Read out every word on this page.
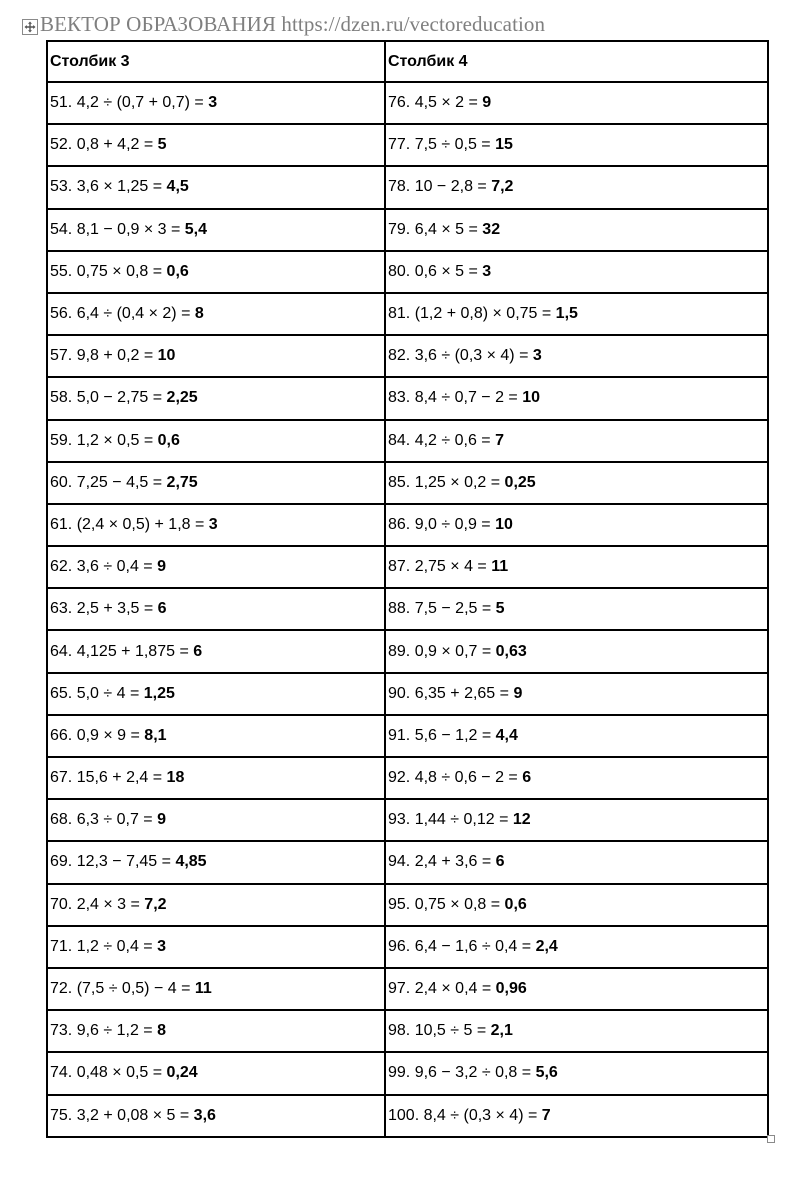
ВЕКТОР ОБРАЗОВАНИЯ https://dzen.ru/vectoreducation
Столбик 3	Столбик 4
51. 4,2 ÷ (0,7 + 0,7) = 3	76. 4,5 × 2 = 9
52. 0,8 + 4,2 = 5	77. 7,5 ÷ 0,5 = 15
53. 3,6 × 1,25 = 4,5	78. 10 − 2,8 = 7,2
54. 8,1 − 0,9 × 3 = 5,4	79. 6,4 × 5 = 32
55. 0,75 × 0,8 = 0,6	80. 0,6 × 5 = 3
56. 6,4 ÷ (0,4 × 2) = 8	81. (1,2 + 0,8) × 0,75 = 1,5
57. 9,8 + 0,2 = 10	82. 3,6 ÷ (0,3 × 4) = 3
58. 5,0 − 2,75 = 2,25	83. 8,4 ÷ 0,7 − 2 = 10
59. 1,2 × 0,5 = 0,6	84. 4,2 ÷ 0,6 = 7
60. 7,25 − 4,5 = 2,75	85. 1,25 × 0,2 = 0,25
61. (2,4 × 0,5) + 1,8 = 3	86. 9,0 ÷ 0,9 = 10
62. 3,6 ÷ 0,4 = 9	87. 2,75 × 4 = 11
63. 2,5 + 3,5 = 6	88. 7,5 − 2,5 = 5
64. 4,125 + 1,875 = 6	89. 0,9 × 0,7 = 0,63
65. 5,0 ÷ 4 = 1,25	90. 6,35 + 2,65 = 9
66. 0,9 × 9 = 8,1	91. 5,6 − 1,2 = 4,4
67. 15,6 + 2,4 = 18	92. 4,8 ÷ 0,6 − 2 = 6
68. 6,3 ÷ 0,7 = 9	93. 1,44 ÷ 0,12 = 12
69. 12,3 − 7,45 = 4,85	94. 2,4 + 3,6 = 6
70. 2,4 × 3 = 7,2	95. 0,75 × 0,8 = 0,6
71. 1,2 ÷ 0,4 = 3	96. 6,4 − 1,6 ÷ 0,4 = 2,4
72. (7,5 ÷ 0,5) − 4 = 11	97. 2,4 × 0,4 = 0,96
73. 9,6 ÷ 1,2 = 8	98. 10,5 ÷ 5 = 2,1
74. 0,48 × 0,5 = 0,24	99. 9,6 − 3,2 ÷ 0,8 = 5,6
75. 3,2 + 0,08 × 5 = 3,6	100. 8,4 ÷ (0,3 × 4) = 7
